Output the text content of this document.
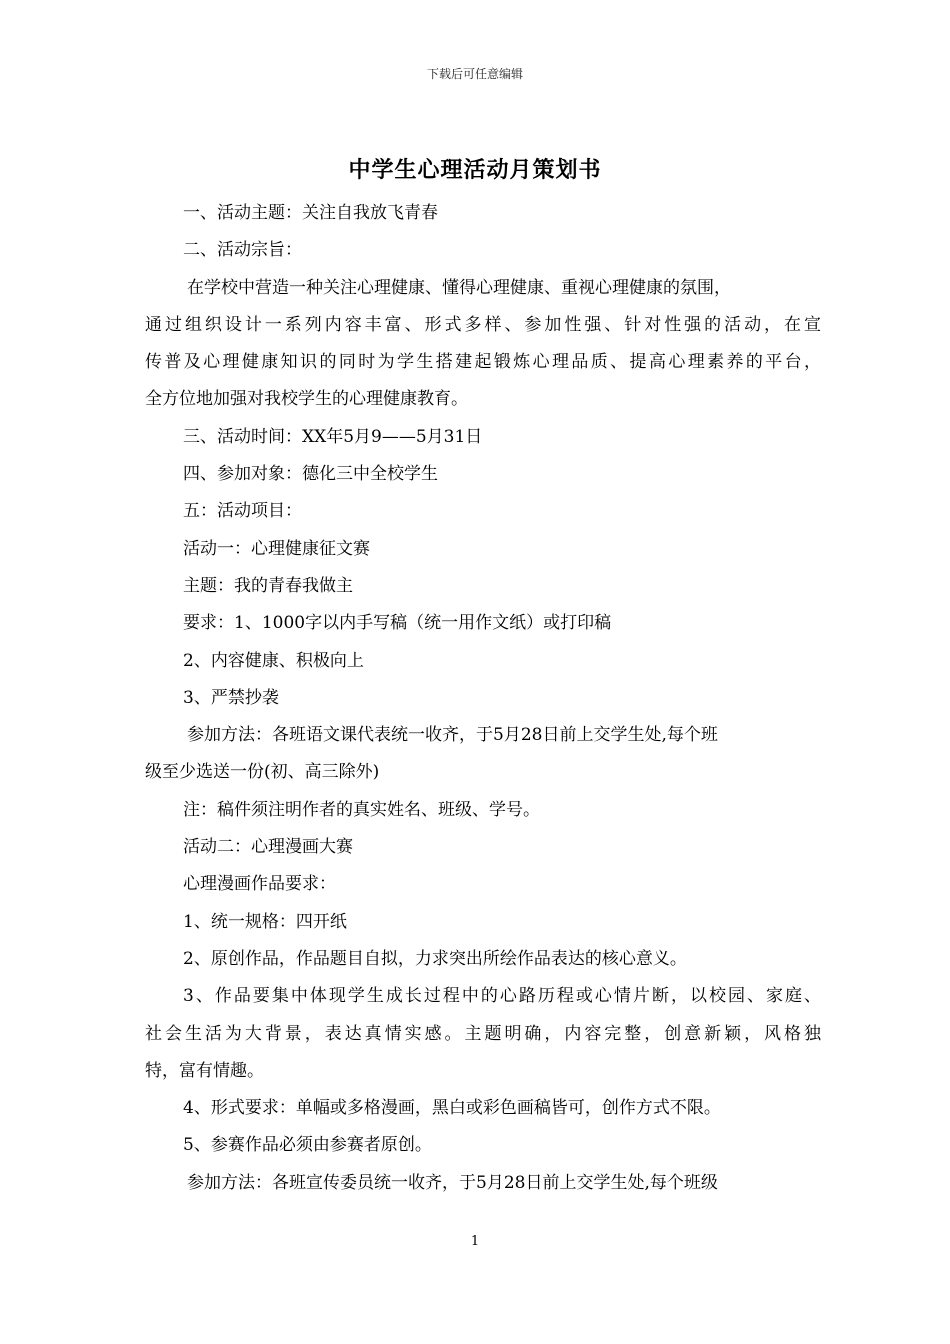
下载后可任意编辑
中学生心理活动月策划书
一、活动主题：关注自我放飞青春
二、活动宗旨：
在学校中营造一种关注心理健康、懂得心理健康、重视心理健康的氛围，
通过组织设计一系列内容丰富、形式多样、参加性强、针对性强的活动，在宣
传普及心理健康知识的同时为学生搭建起锻炼心理品质、提高心理素养的平台，
全方位地加强对我校学生的心理健康教育。
三、活动时间：XX年5月9——5月31日
四、参加对象：德化三中全校学生
五：活动项目：
活动一：心理健康征文赛
主题：我的青春我做主
要求：1、1000字以内手写稿（统一用作文纸）或打印稿
2、内容健康、积极向上
3、严禁抄袭
参加方法：各班语文课代表统一收齐，于5月28日前上交学生处,每个班
级至少选送一份(初、高三除外)
注：稿件须注明作者的真实姓名、班级、学号。
活动二：心理漫画大赛
心理漫画作品要求：
1、统一规格：四开纸
2、原创作品，作品题目自拟，力求突出所绘作品表达的核心意义。
3、作品要集中体现学生成长过程中的心路历程或心情片断，以校园、家庭、
社会生活为大背景，表达真情实感。主题明确，内容完整，创意新颖，风格独
特，富有情趣。
4、形式要求：单幅或多格漫画，黑白或彩色画稿皆可，创作方式不限。
5、参赛作品必须由参赛者原创。
参加方法：各班宣传委员统一收齐，于5月28日前上交学生处,每个班级
1
